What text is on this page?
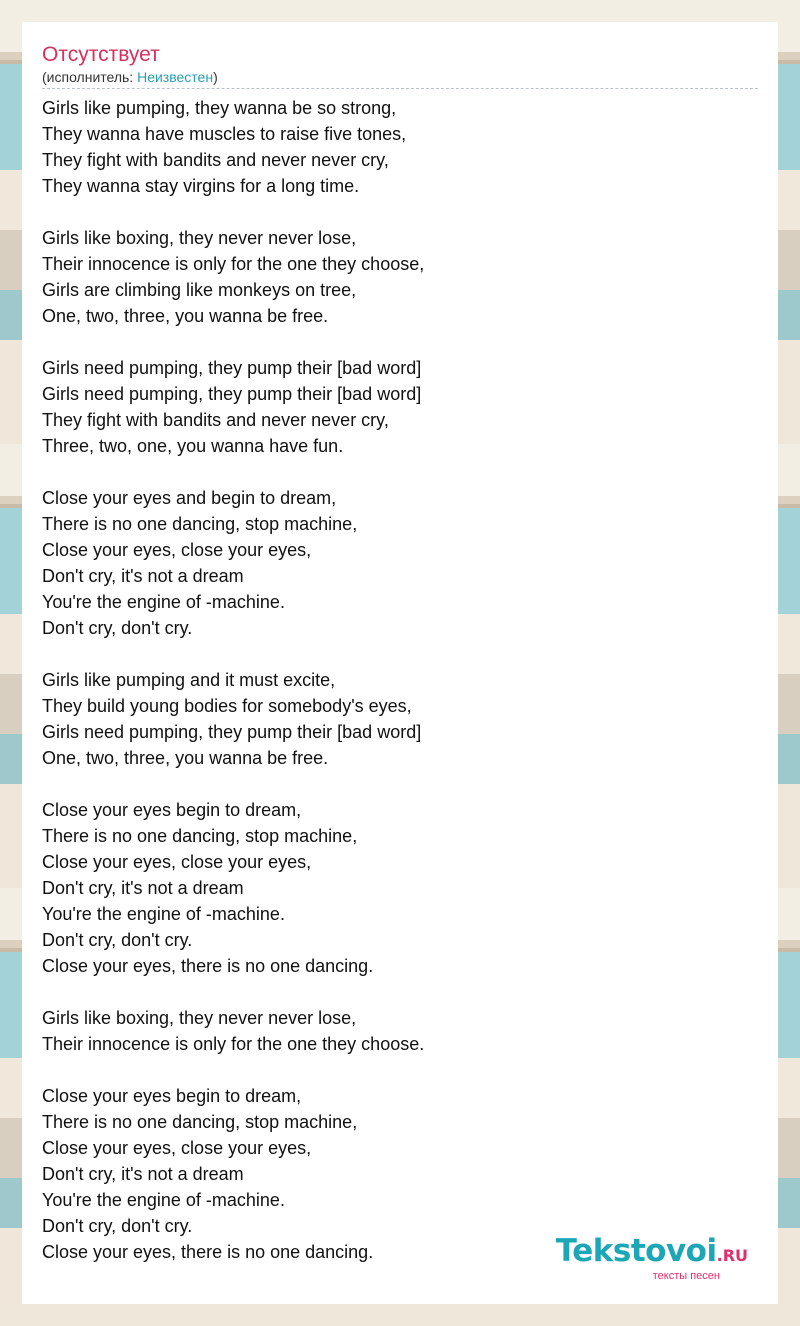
Отсутствует
(исполнитель: Неизвестен)
Girls like pumping, they wanna be so strong,
They wanna have muscles to raise five tones,
They fight with bandits and never never cry,
They wanna stay virgins for a long time.
Girls like boxing, they never never lose,
Their innocence is only for the one they choose,
Girls are climbing like monkeys on tree,
One, two, three, you wanna be free.
Girls need pumping, they pump their [bad word]
Girls need pumping, they pump their [bad word]
They fight with bandits and never never cry,
Three, two, one, you wanna have fun.
Close your eyes and begin to dream,
There is no one dancing, stop machine,
Close your eyes, close your eyes,
Don't cry, it's not a dream
You're the engine of -machine.
Don't cry, don't cry.
Girls like pumping and it must excite,
They build young bodies for somebody's eyes,
Girls need pumping, they pump their [bad word]
One, two, three, you wanna be free.
Close your eyes begin to dream,
There is no one dancing, stop machine,
Close your eyes, close your eyes,
Don't cry, it's not a dream
You're the engine of -machine.
Don't cry, don't cry.
Close your eyes, there is no one dancing.
Girls like boxing, they never never lose,
Their innocence is only for the one they choose.
Close your eyes begin to dream,
There is no one dancing, stop machine,
Close your eyes, close your eyes,
Don't cry, it's not a dream
You're the engine of -machine.
Don't cry, don't cry.
Close your eyes, there is no one dancing.	Tekstovoi.RU
тексты песен
